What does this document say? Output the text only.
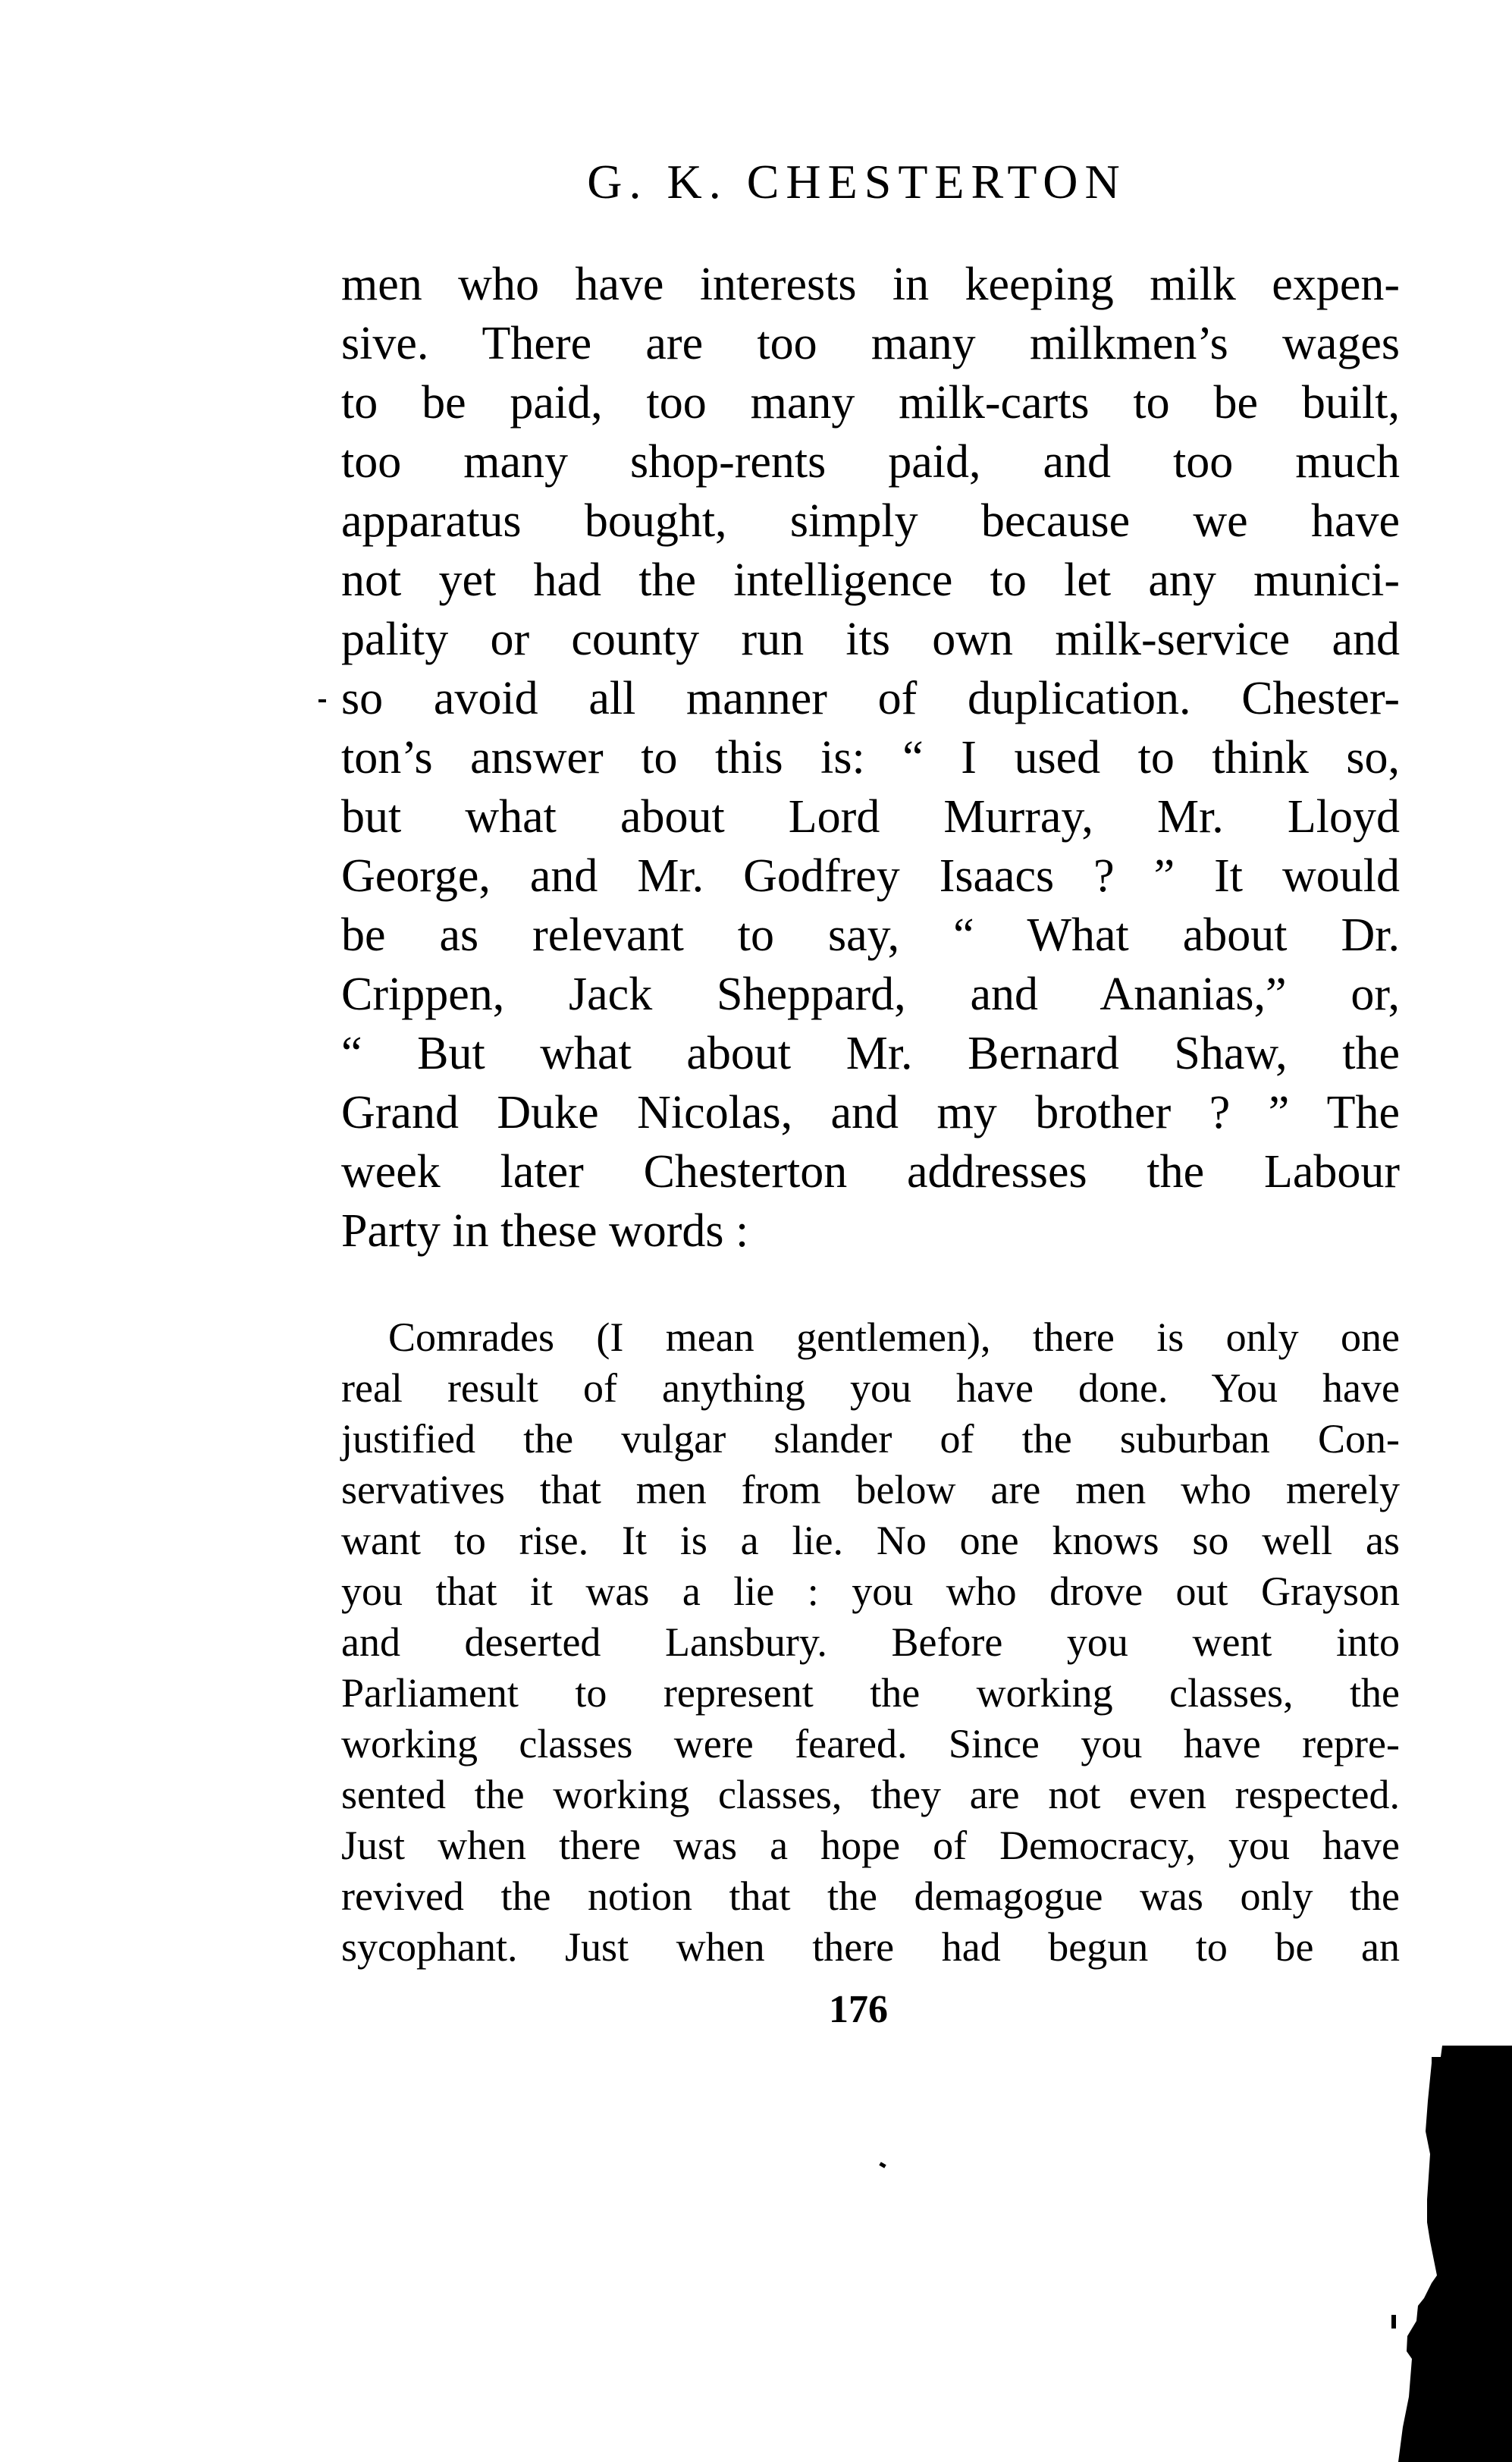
G. K. CHESTERTON
men who have interests in keeping milk expen-
sive. There are too many milkmen’s wages
to be paid, too many milk-carts to be built,
too many shop-rents paid, and too much
apparatus bought, simply because we have
not yet had the intelligence to let any munici-
pality or county run its own milk-service and
so avoid all manner of duplication. Chester-
ton’s answer to this is: “ I used to think so,
but what about Lord Murray, Mr. Lloyd
George, and Mr. Godfrey Isaacs ? ” It would
be as relevant to say, “ What about Dr.
Crippen, Jack Sheppard, and Ananias,” or,
“ But what about Mr. Bernard Shaw, the
Grand Duke Nicolas, and my brother ? ” The
week later Chesterton addresses the Labour
Party in these words :
Comrades (I mean gentlemen), there is only one
real result of anything you have done. You have
justified the vulgar slander of the suburban Con-
servatives that men from below are men who merely
want to rise. It is a lie. No one knows so well as
you that it was a lie : you who drove out Grayson
and deserted Lansbury. Before you went into
Parliament to represent the working classes, the
working classes were feared. Since you have repre-
sented the working classes, they are not even respected.
Just when there was a hope of Democracy, you have
revived the notion that the demagogue was only the
sycophant. Just when there had begun to be an
176
